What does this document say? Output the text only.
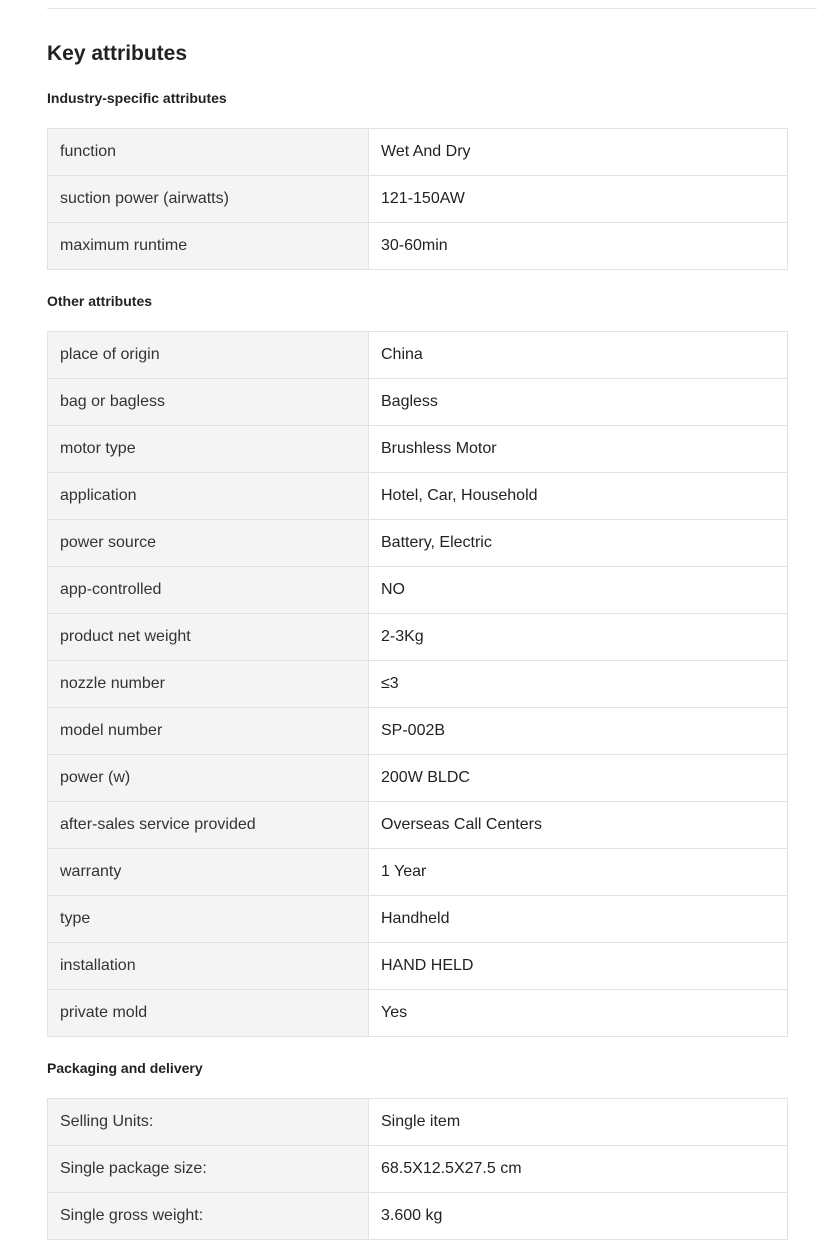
Key attributes
Industry-specific attributes
function	Wet And Dry
suction power (airwatts)	121-150AW
maximum runtime	30-60min
Other attributes
place of origin	China
bag or bagless	Bagless
motor type	Brushless Motor
application	Hotel, Car, Household
power source	Battery, Electric
app-controlled	NO
product net weight	2-3Kg
nozzle number	≤3
model number	SP-002B
power (w)	200W BLDC
after-sales service provided	Overseas Call Centers
warranty	1 Year
type	Handheld
installation	HAND HELD
private mold	Yes
Packaging and delivery
Selling Units:	Single item
Single package size:	68.5X12.5X27.5 cm
Single gross weight:	3.600 kg
